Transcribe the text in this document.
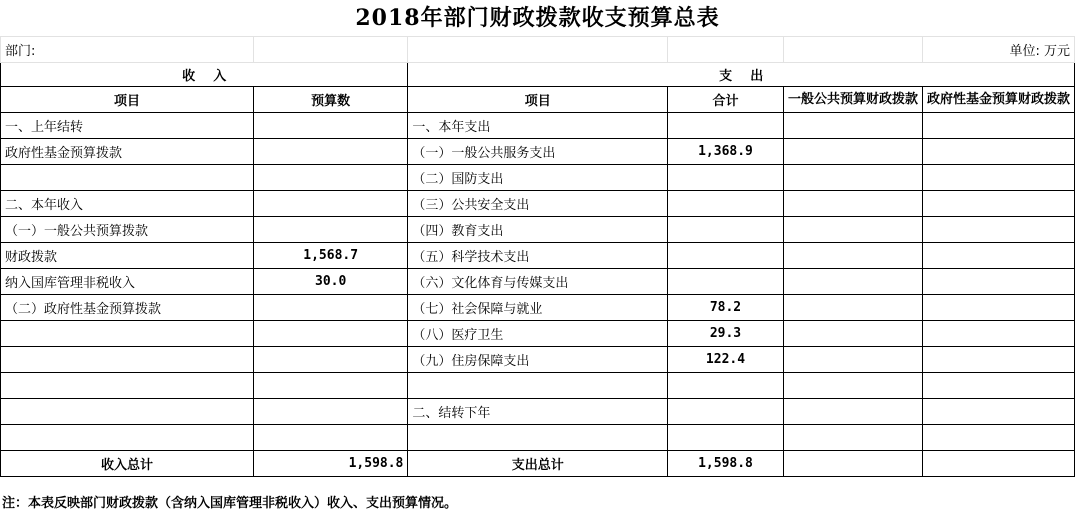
2018年部门财政拨款收支预算总表
部门:					单位: 万元
收    入		支    出			
项目	预算数	项目	合计	一般公共预算财政拨款	政府性基金预算财政拨款
一、上年结转		一、本年支出			
政府性基金预算拨款		（一）一般公共服务支出	1,368.9		
		（二）国防支出			
二、本年收入		（三）公共安全支出			
（一）一般公共预算拨款		（四）教育支出			
财政拨款	1,568.7	（五）科学技术支出			
纳入国库管理非税收入	30.0	（六）文化体育与传媒支出			
（二）政府性基金预算拨款		（七）社会保障与就业	78.2		
		（八）医疗卫生	29.3		
		（九）住房保障支出	122.4		

		二、结转下年			

收入总计	1,598.8	支出总计	1,598.8		
注：本表反映部门财政拨款（含纳入国库管理非税收入）收入、支出预算情况。
